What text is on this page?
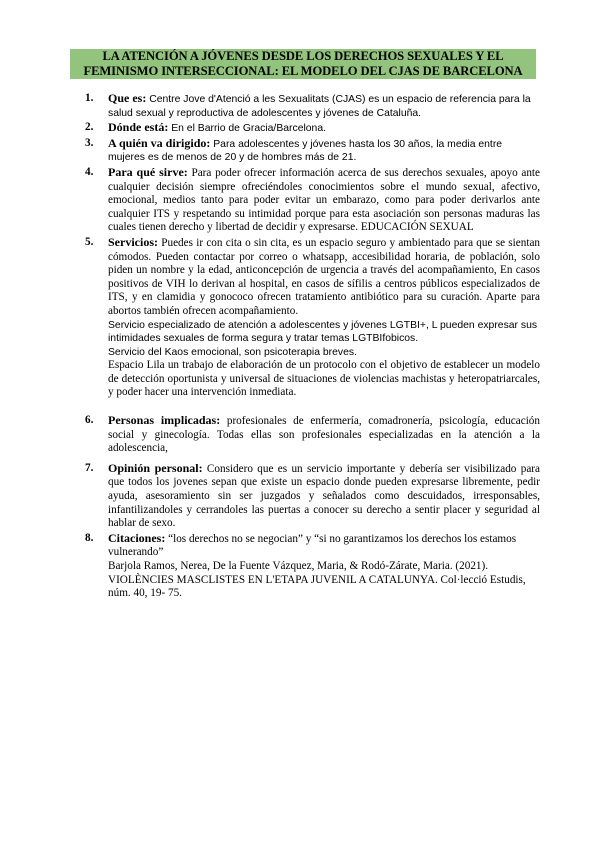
LA ATENCIÓN A JÓVENES DESDE LOS DERECHOS SEXUALES Y EL
FEMINISMO INTERSECCIONAL: EL MODELO DEL CJAS DE BARCELONA
1. Que es: Centre Jove d'Atenció a les Sexualitats (CJAS) es un espacio de referencia para la salud sexual y reproductiva de adolescentes y jóvenes de Cataluña.
2. Dónde está: En el Barrio de Gracia/Barcelona.
3. A quién va dirigido: Para adolescentes y jóvenes hasta los 30 años, la media entre mujeres es de menos de 20 y de hombres más de 21.
4. Para qué sirve: Para poder ofrecer información acerca de sus derechos sexuales, apoyo ante cualquier decisión siempre ofreciéndoles conocimientos sobre el mundo sexual, afectivo, emocional, medios tanto para poder evitar un embarazo, como para poder derivarlos ante cualquier ITS y respetando su intimidad porque para esta asociación son personas maduras las cuales tienen derecho y libertad de decidir y expresarse. EDUCACIÓN SEXUAL
5. Servicios: Puedes ir con cita o sin cita, es un espacio seguro y ambientado para que se sientan cómodos. Pueden contactar por correo o whatsapp, accesibilidad horaria, de población, solo piden un nombre y la edad, anticoncepción de urgencia a través del acompañamiento, En casos positivos de VIH lo derivan al hospital, en casos de sífilis a centros públicos especializados de ITS, y en clamidia y gonococo ofrecen tratamiento antibiótico para su curación. Aparte para abortos también ofrecen acompañamiento.
Servicio especializado de atención a adolescentes y jóvenes LGTBI+, L pueden expresar sus intimidades sexuales de forma segura y tratar temas LGTBIfobicos.
Servicio del Kaos emocional, son psicoterapia breves.
Espacio Lila un trabajo de elaboración de un protocolo con el objetivo de establecer un modelo de detección oportunista y universal de situaciones de violencias machistas y heteropatriarcales, y poder hacer una intervención inmediata.
6. Personas implicadas: profesionales de enfermería, comadronería, psicología, educación social y ginecología. Todas ellas son profesionales especializadas en la atención a la adolescencia,
7. Opinión personal: Considero que es un servicio importante y debería ser visibilizado para que todos los jovenes sepan que existe un espacio donde pueden expresarse libremente, pedir ayuda, asesoramiento sin ser juzgados y señalados como descuidados, irresponsables, infantilizandoles y cerrandoles las puertas a conocer su derecho a sentir placer y seguridad al hablar de sexo.
8. Citaciones: “los derechos no se negocian” y “si no garantizamos los derechos los estamos vulnerando”
Barjola Ramos, Nerea, De la Fuente Vázquez, Maria, & Rodó-Zárate, Maria. (2021). VIOLÈNCIES MASCLISTES EN L'ETAPA JUVENIL A CATALUNYA. Col·lecció Estudis, núm. 40, 19- 75.
